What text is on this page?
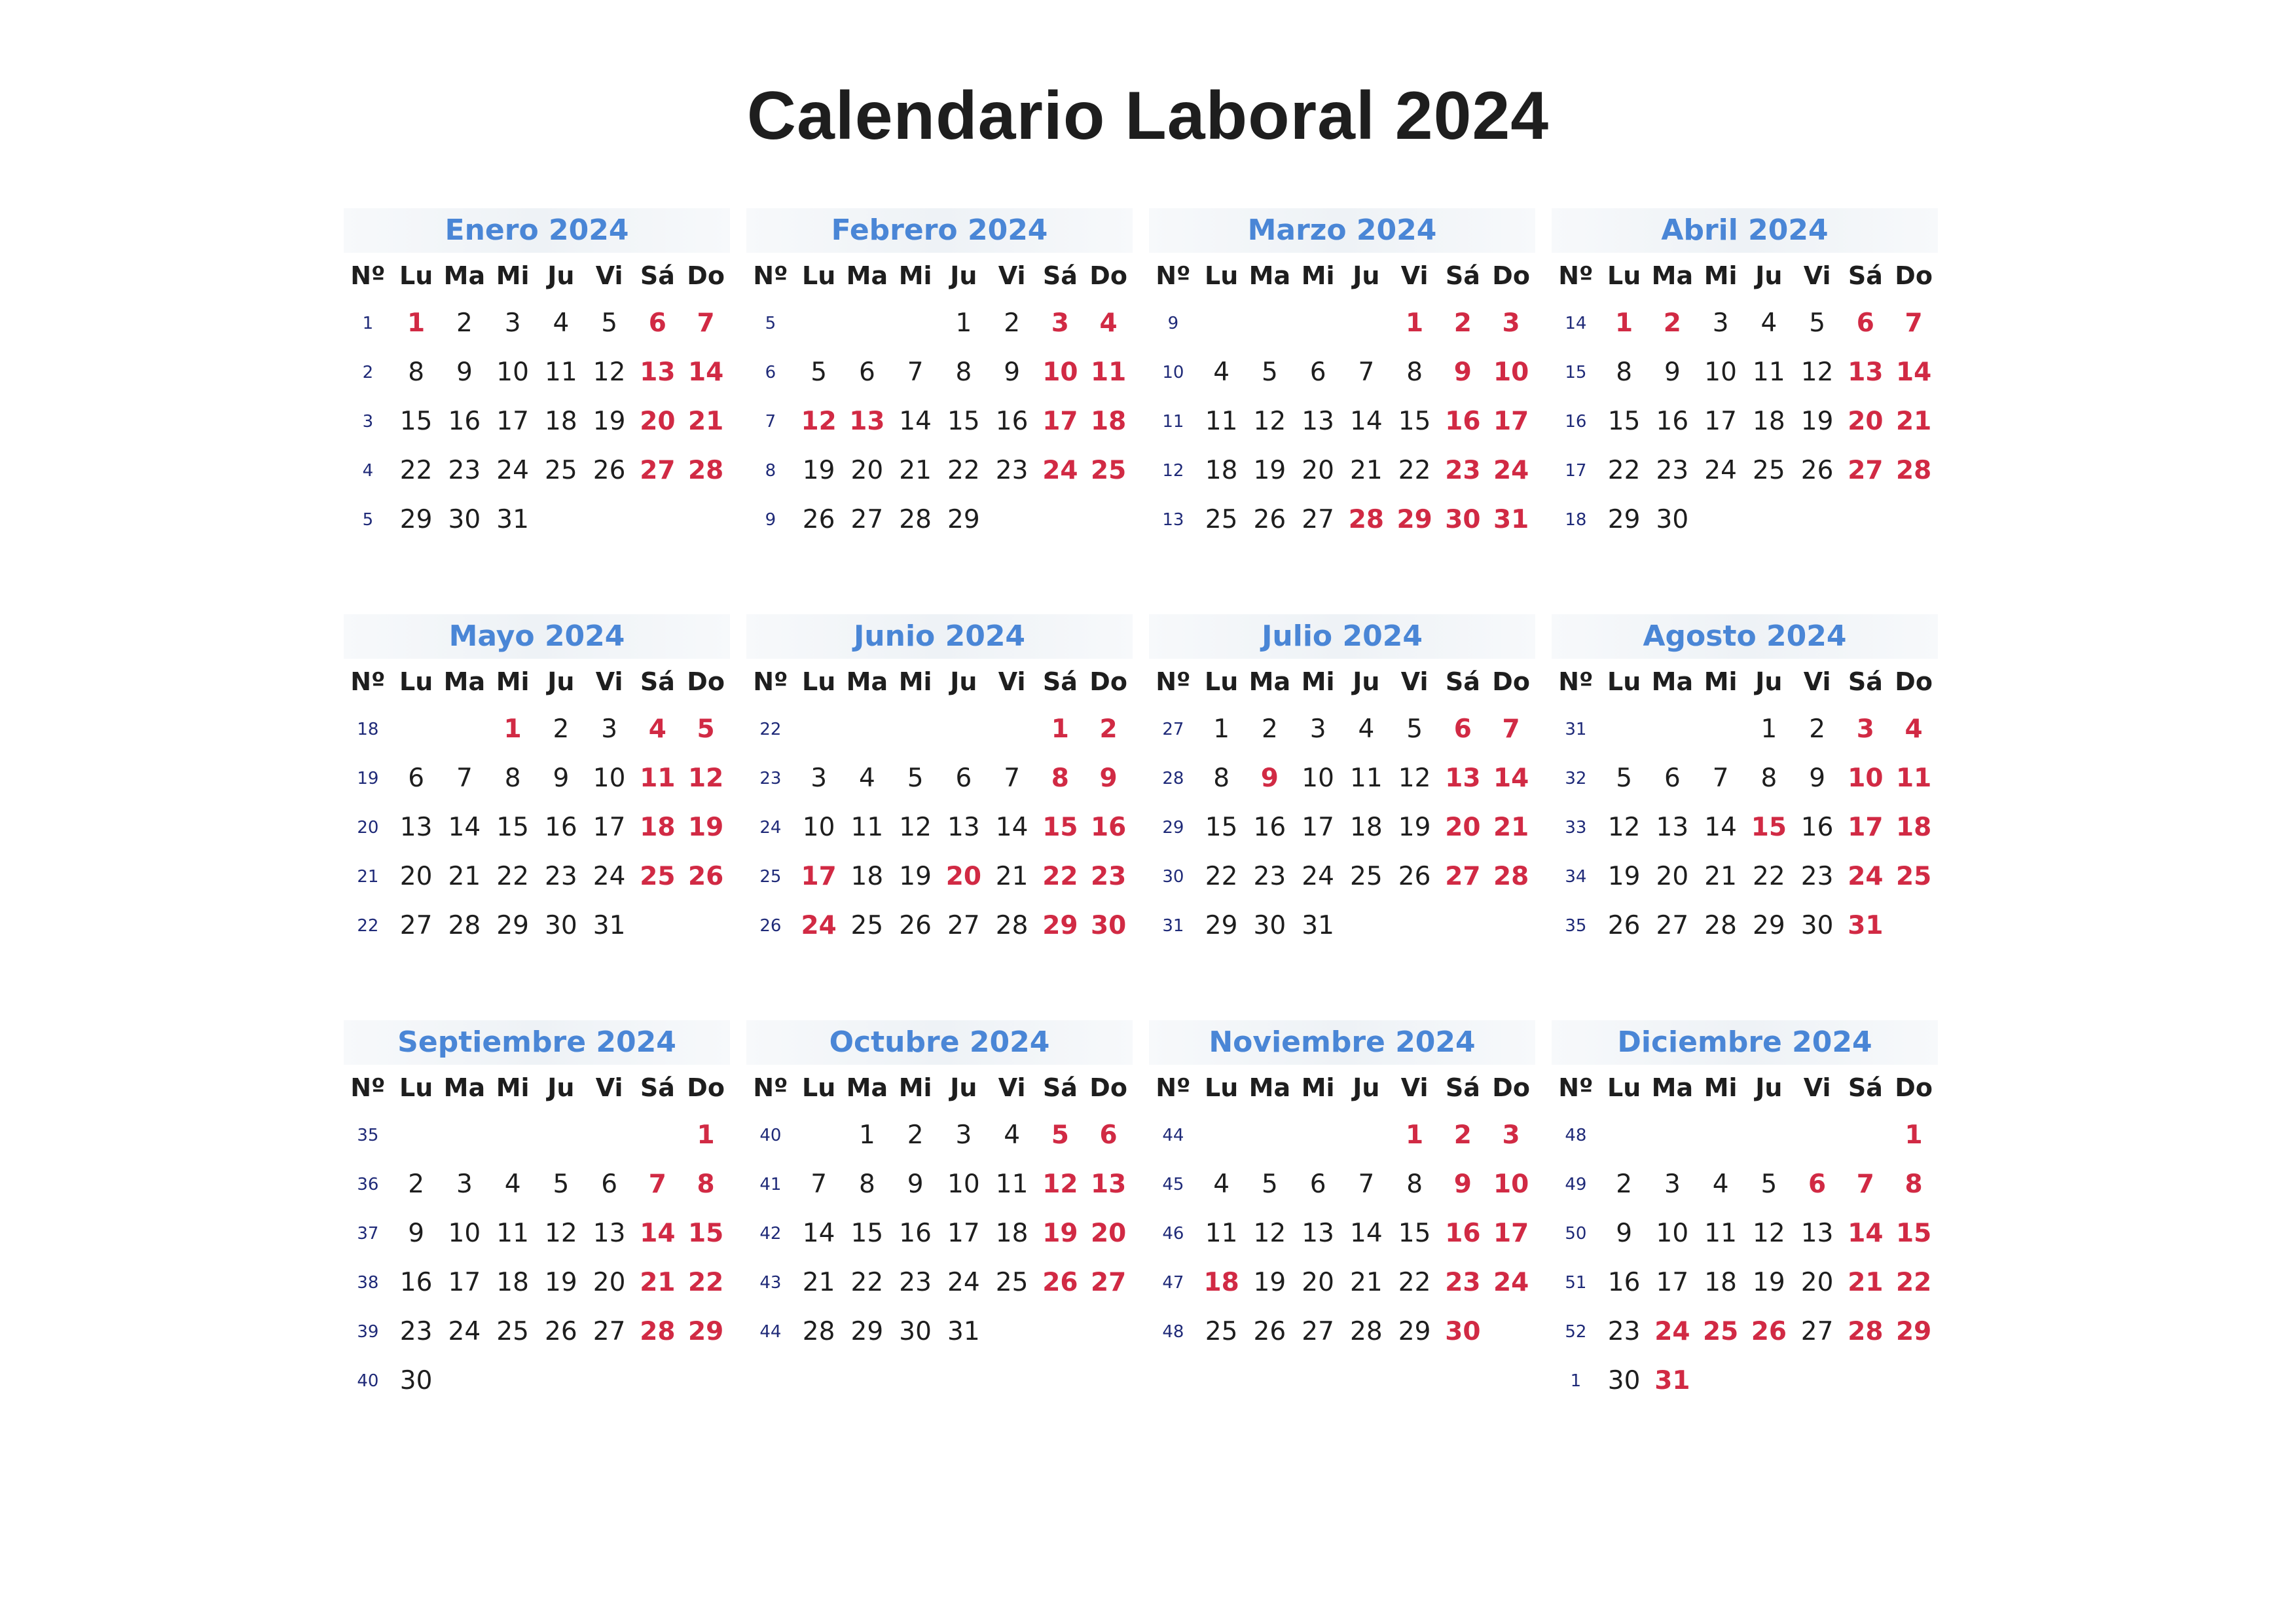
Calendario Laboral 2024
Enero 2024
Nº	Lu	Ma	Mi	Ju	Vi	Sá	Do
1	1	2	3	4	5	6	7
2	8	9	10	11	12	13	14
3	15	16	17	18	19	20	21
4	22	23	24	25	26	27	28
5	29	30	31				
Febrero 2024
Nº	Lu	Ma	Mi	Ju	Vi	Sá	Do
5				1	2	3	4
6	5	6	7	8	9	10	11
7	12	13	14	15	16	17	18
8	19	20	21	22	23	24	25
9	26	27	28	29			
Marzo 2024
Nº	Lu	Ma	Mi	Ju	Vi	Sá	Do
9					1	2	3
10	4	5	6	7	8	9	10
11	11	12	13	14	15	16	17
12	18	19	20	21	22	23	24
13	25	26	27	28	29	30	31
Abril 2024
Nº	Lu	Ma	Mi	Ju	Vi	Sá	Do
14	1	2	3	4	5	6	7
15	8	9	10	11	12	13	14
16	15	16	17	18	19	20	21
17	22	23	24	25	26	27	28
18	29	30					
Mayo 2024
Nº	Lu	Ma	Mi	Ju	Vi	Sá	Do
18			1	2	3	4	5
19	6	7	8	9	10	11	12
20	13	14	15	16	17	18	19
21	20	21	22	23	24	25	26
22	27	28	29	30	31		
Junio 2024
Nº	Lu	Ma	Mi	Ju	Vi	Sá	Do
22						1	2
23	3	4	5	6	7	8	9
24	10	11	12	13	14	15	16
25	17	18	19	20	21	22	23
26	24	25	26	27	28	29	30
Julio 2024
Nº	Lu	Ma	Mi	Ju	Vi	Sá	Do
27	1	2	3	4	5	6	7
28	8	9	10	11	12	13	14
29	15	16	17	18	19	20	21
30	22	23	24	25	26	27	28
31	29	30	31				
Agosto 2024
Nº	Lu	Ma	Mi	Ju	Vi	Sá	Do
31				1	2	3	4
32	5	6	7	8	9	10	11
33	12	13	14	15	16	17	18
34	19	20	21	22	23	24	25
35	26	27	28	29	30	31	
Septiembre 2024
Nº	Lu	Ma	Mi	Ju	Vi	Sá	Do
35							1
36	2	3	4	5	6	7	8
37	9	10	11	12	13	14	15
38	16	17	18	19	20	21	22
39	23	24	25	26	27	28	29
40	30						
Octubre 2024
Nº	Lu	Ma	Mi	Ju	Vi	Sá	Do
40		1	2	3	4	5	6
41	7	8	9	10	11	12	13
42	14	15	16	17	18	19	20
43	21	22	23	24	25	26	27
44	28	29	30	31			
Noviembre 2024
Nº	Lu	Ma	Mi	Ju	Vi	Sá	Do
44					1	2	3
45	4	5	6	7	8	9	10
46	11	12	13	14	15	16	17
47	18	19	20	21	22	23	24
48	25	26	27	28	29	30	
Diciembre 2024
Nº	Lu	Ma	Mi	Ju	Vi	Sá	Do
48							1
49	2	3	4	5	6	7	8
50	9	10	11	12	13	14	15
51	16	17	18	19	20	21	22
52	23	24	25	26	27	28	29
1	30	31					
